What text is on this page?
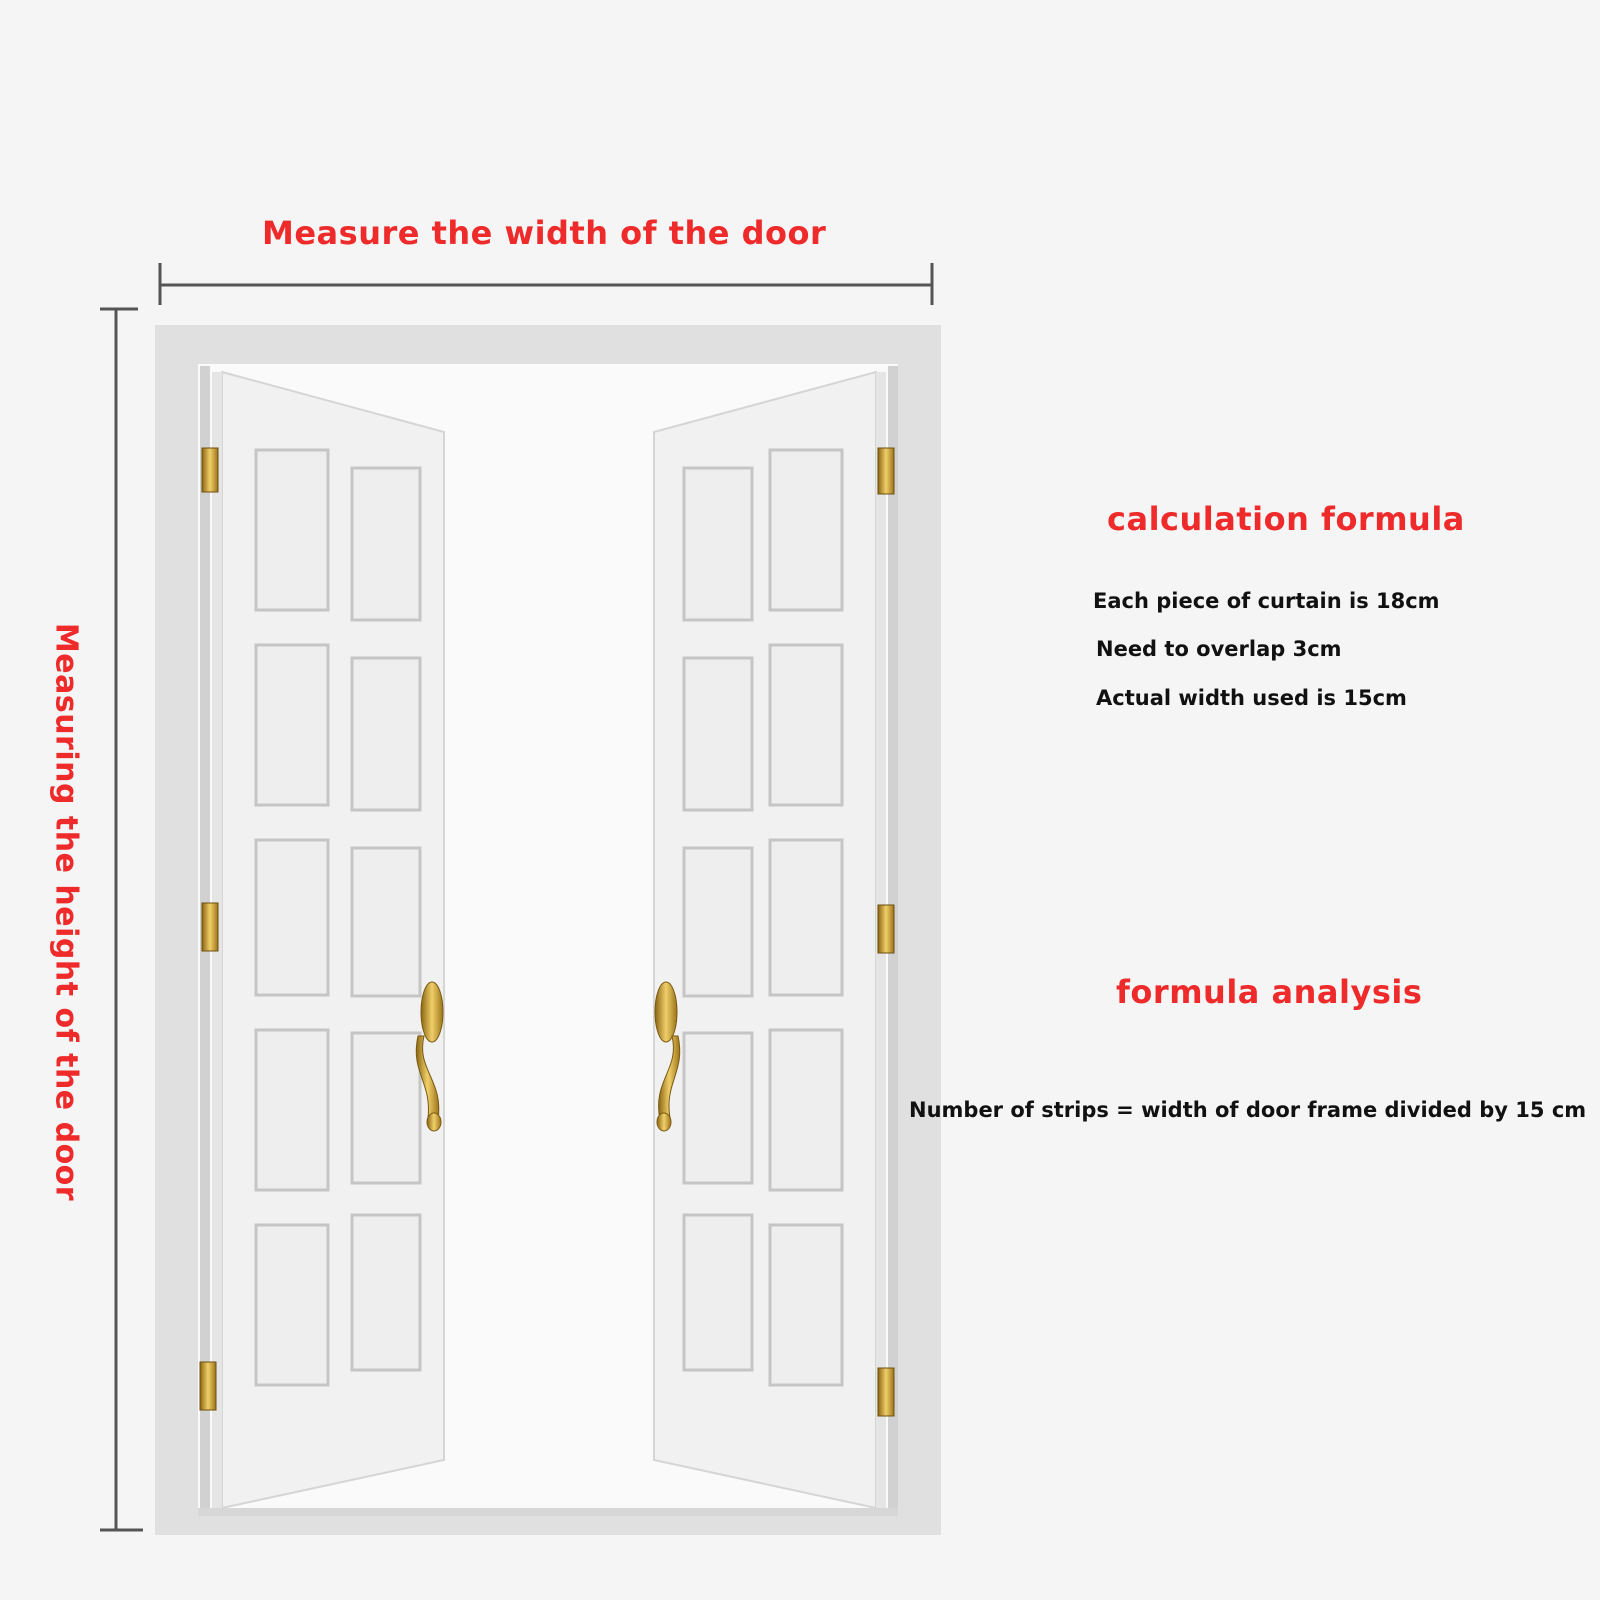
Measure the width of the door
Measuring the height of the door
calculation formula
Each piece of curtain is 18cm
Need to overlap 3cm
Actual width used is 15cm
formula analysis
Number of strips = width of door frame divided by 15 cm
